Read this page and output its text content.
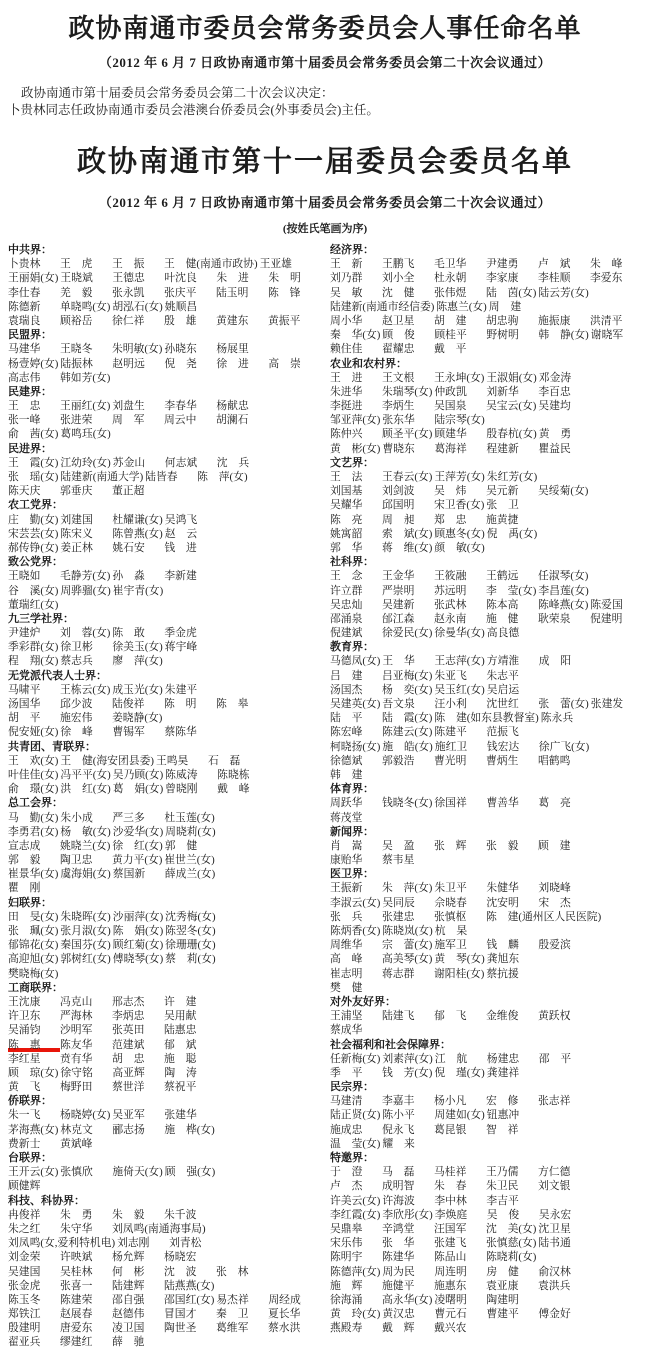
政协南通市委员会常务委员会人事任命名单
（2012 年 6 月 7 日政协南通市第十届委员会常务委员会第二十次会议通过）
政协南通市第十届委员会常务委员会第二十次会议决定：
卜贵林同志任政协南通市委员会港澳台侨委员会(外事委员会)主任。
政协南通市第十一届委员会委员名单
（2012 年 6 月 7 日政协南通市第十届委员会常务委员会第二十次会议通过）
(按姓氏笔画为序)
中共界：
卜贵林	王　虎	王　振	王　健(南通市政协) 王亚雄
王丽娟(女) 王晓斌	王德忠	叶沈良	朱　进	朱　明
李仕春	羌　毅	张永凯	张庆平	陆玉明	陈　锋
陈德新	单晓鸣(女) 胡泓石(女) 姚顺昌
袁瑞良	顾裕岳	徐仁祥	殷　雄	黄建东	黄振平
民盟界：
马建华	王晓冬	朱明敏(女) 孙晓东	杨展里
杨壹婷(女) 陆振林	赵明远	倪　尧	徐　进	高　崇
高志伟	韩如芳(女)
民建界：
王　忠	王丽红(女) 刘盘生	李春华	杨献忠
张一峰	张进荣	周　军	周云中	胡澜石
俞　茜(女) 葛鸣珏(女)
民进界：
王　霞(女) 江幼玲(女) 苏金山	何志斌	沈　兵
张　瑶(女) 陆建新(南通大学) 陆皆春	陈　萍(女)
陈天庆	郭垂庆	董正超
农工党界：
庄　勤(女) 刘建国	杜耀谦(女) 吴鸿飞
宋芸芸(女) 陈宋义	陈曾燕(女) 赵　云
郝传铮(女) 姜正林	姚石安	钱　进
致公党界：
王晓如	毛静芳(女) 孙　淼	李新建
谷　溪(女) 周骅骝(女) 崔宇青(女)
董瑞红(女)
九三学社界：
尹建炉	刘　蓉(女) 陈　敢	季金虎
季彩群(女) 徐卫彬	徐美玉(女) 蒋宇峰
程　翔(女) 蔡志兵	廖　萍(女)
无党派代表人士界：
马啸平	王栋云(女) 成玉光(女) 朱建平
汤国华	邱少波	陆俊祥	陈　明	陈　皋
胡　平	施宏伟	姜晓静(女)
倪安娅(女) 徐　峰	曹锡军	蔡陈华
共青团、青联界：
王　欢(女) 王　健(海安团县委) 王鸣昊	石　磊
叶佳佳(女) 冯平平(女) 吴乃顾(女) 陈威涛	陈晓栋
俞　璟(女) 洪　红(女) 葛　娟(女) 曾晓刚	戴　峰
总工会界：
马　勤(女) 朱小成	严三多	杜玉莲(女)
李勇君(女) 杨　敏(女) 沙爱华(女) 周晓莉(女)
宣志成	姚晓兰(女) 徐　红(女) 郭　健
郭　毅	陶卫忠	黄力平(女) 崔世兰(女)
崔景华(女) 虞海娟(女) 蔡国新	薛成兰(女)
瞿　刚
妇联界：
田　旻(女) 朱晓晖(女) 沙丽萍(女) 沈秀梅(女)
张　珮(女) 张月淑(女) 陈　娟(女) 陈翌冬(女)
郁锦花(女) 秦国芬(女) 顾红菊(女) 徐珊珊(女)
高迎旭(女) 郭树红(女) 傅晓琴(女) 蔡　莉(女)
樊晓梅(女)
工商联界：
王沈康	冯克山	邢志杰	许　建
许卫东	严海林	李炳忠	吴用献
吴涌钧	沙明军	张英田	陆惠忠
陈　惠	陈友华	范建斌	郁　斌
李红星	贲有华	胡　忠	施　聪
顾　琼(女) 徐守铭	高亚辉	陶　涛
黄　飞	梅野田	蔡世洋	蔡祝平
侨联界：
朱一飞	杨晓婷(女) 吴亚军	张建华
茅海燕(女) 林克文	郦志扬	施　桦(女)
费新士	黄斌峰
台联界：
王开云(女) 张慎欣	施倚天(女) 顾　强(女)
顾健辉
科技、科协界：
冉俊祥	朱　勇	朱　毅	朱千波
朱之红	朱守华	刘凤鸣(南通海事局)
刘凤鸣(女,爱利特机电) 刘志刚	刘青松
刘金荣	许映斌	杨允辉	杨晓宏
吴建国	吴桂林	何　彬	沈　波	张　林
张金虎	张喜一	陆建辉	陆燕燕(女)
陈玉冬	陈建荣	邵自强	邵国红(女) 易杰祥	周经成
郑铁江	赵展春	赵德伟	冒国才	秦　卫	夏长华
殷建明	唐爱东	凌卫国	陶世圣	葛维军	蔡水洪
翟亚兵	缪建红	薛　驰
经济界：
王　新	王鹏飞	毛卫华	尹建勇	卢　斌	朱　峰
刘乃群	刘小全	杜永朝	李家康	李桂顺	李爱东
吴　敏	沈　健	张伟煜	陆　茵(女) 陆云芳(女)
陆建新(南通市经信委) 陈惠兰(女) 周　建
周小华	赵卫星	胡　建	胡忠驹	施振康	洪清平
秦　华(女) 顾　俊	顾桂平	野树明	韩　静(女) 谢晓军
赖住佳	翟耀忠	戴　平
农业和农村界：
王　进	王文根	王永坤(女) 王淑娟(女) 邓金涛
朱进华	朱瑞琴(女) 仲政凯	刘新华	李百忠
李挺进	李炳生	吴国泉	吴宝云(女) 吴建均
邹亚萍(女) 张东华	陆宗琴(女)
陈仲兴	顾圣平(女) 顾建华	殷春杭(女) 黄　勇
黄　彬(女) 曹晓东	葛海祥	程建新	瞿益民
文艺界：
王　法	王春云(女) 王萍芳(女) 朱红芳(女)
刘国基	刘剑波	吴　炜	吴元新	吴绥菊(女)
吴耀华	邱国明	宋卫香(女) 张　卫
陈　亮	周　昶	郑　忠	施黄捷
姚寓韶	索　斌(女) 顾惠冬(女) 倪　禹(女)
郭　华	蒋　维(女) 颜　敏(女)
社科界：
王　念	王金华	王筱融	王鹤远	任淑琴(女)
许立群	严崇明	苏远明	李　莹(女) 李昌莲(女)
吴忠灿	吴建新	张武林	陈本高	陈峰燕(女) 陈爱国
邵涌泉	邰江森	赵永南	施　健	耿荣泉	倪建明
倪建斌	徐爱民(女) 徐曼华(女) 高良德
教育界：
马德凤(女) 王　华	王志萍(女) 方靖淮	成　阳
吕　建	吕亚梅(女) 朱亚飞	朱志平
汤国杰	杨　奕(女) 吴玉红(女) 吴启运
吴建英(女) 吾文泉	汪小利	沈世红	张　蕾(女) 张建发
陆　平	陆　霞(女) 陈　建(如东县教督室) 陈永兵
陈宏峰	陈建云(女) 陈建平	范振飞
柯晓扬(女) 施　皓(女) 施红卫	钱宏达	徐广飞(女)
徐德斌	郭毅浩	曹光明	曹炳生	唱鹤鸣
韩　建
体育界：
周跃华	钱晓冬(女) 徐国祥	曹善华	葛　亮
蒋茂堂
新闻界：
肖　嵩	吴　盈	张　辉	张　毅	顾　建
康贻华	蔡韦星
医卫界：
王振新	朱　萍(女) 朱卫平	朱健华	刘晓峰
李淑云(女) 吴同辰	佘晓春	沈安明	宋　杰
张　兵	张建忠	张慎枢	陈　建(通州区人民医院)
陈炳香(女) 陈晓岚(女) 杭　杲
周维华	宗　蕾(女) 施军卫	钱　麟	殷爱滨
高　峰	高美琴(女) 黄　琴(女) 龚旭东
崔志明	蒋志群	谢阳桂(女) 蔡抗援
樊　健
对外友好界：
王浦坚	陆建飞	郁　飞	金维俊	黄跃权
蔡成华
社会福利和社会保障界：
任新梅(女) 刘素萍(女) 江　航	杨建忠	邵　平
季　平	钱　芳(女) 倪　瑾(女) 龚建祥
民宗界：
马建清	李嘉丰	杨小凡	宏　修	张志祥
陆正贤(女) 陈小平	周建如(女) 钮惠冲
施成忠	倪永飞	葛昆银	智　祥
温　莹(女) 耀　来
特邀界：
于　澄	马　磊	马桂祥	王乃儒	方仁德
卢　杰	成明智	朱　春	朱卫民	刘文银
许美云(女) 许海波	李中林	李吉平
李红霞(女) 李欣彤(女) 李焕庭	吴　俊	吴永宏
吴鼎皋	辛鸿堂	汪国军	沈　美(女) 沈卫星
宋乐伟	张　华	张建飞	张慎慈(女) 陆书通
陈明宇	陈建华	陈品山	陈晓莉(女)
陈德萍(女) 周为民	周连明	房　健	俞汉林
施　辉	施健平	施惠东	袁亚康	袁洪兵
徐海涌	高永华(女) 凌曙明	陶建明
黄　玲(女) 黄汉忠	曹元石	曹建平	傅金好
燕殿寿	戴　辉	戴兴农
